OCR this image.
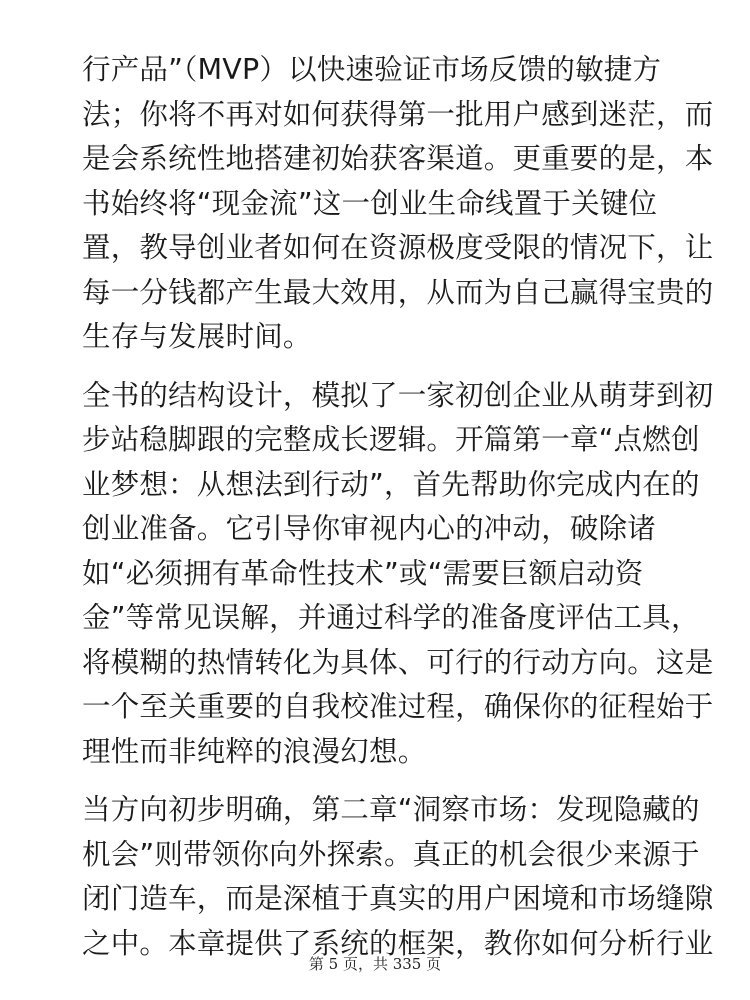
行产品”（MVP）以快速验证市场反馈的敏捷方
法；你将不再对如何获得第一批用户感到迷茫，而
是会系统性地搭建初始获客渠道。更重要的是，本
书始终将“现金流”这一创业生命线置于关键位
置，教导创业者如何在资源极度受限的情况下，让
每一分钱都产生最大效用，从而为自己赢得宝贵的
生存与发展时间。
全书的结构设计，模拟了一家初创企业从萌芽到初
步站稳脚跟的完整成长逻辑。开篇第一章“点燃创
业梦想：从想法到行动”，首先帮助你完成内在的
创业准备。它引导你审视内心的冲动，破除诸
如“必须拥有革命性技术”或“需要巨额启动资
金”等常见误解，并通过科学的准备度评估工具，
将模糊的热情转化为具体、可行的行动方向。这是
一个至关重要的自我校准过程，确保你的征程始于
理性而非纯粹的浪漫幻想。
当方向初步明确，第二章“洞察市场：发现隐藏的
机会”则带领你向外探索。真正的机会很少来源于
闭门造车，而是深植于真实的用户困境和市场缝隙
之中。本章提供了系统的框架，教你如何分析行业
第 5 页，共 335 页
